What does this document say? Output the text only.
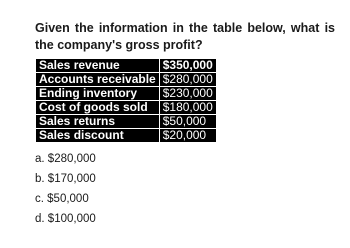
Given the information in the table below, what is the company's gross profit?
Sales revenue	$350,000
Accounts receivable	$280,000
Ending inventory	$230,000
Cost of goods sold	$180,000
Sales returns	$50,000
Sales discount	$20,000
a. $280,000
b. $170,000
c. $50,000
d. $100,000
